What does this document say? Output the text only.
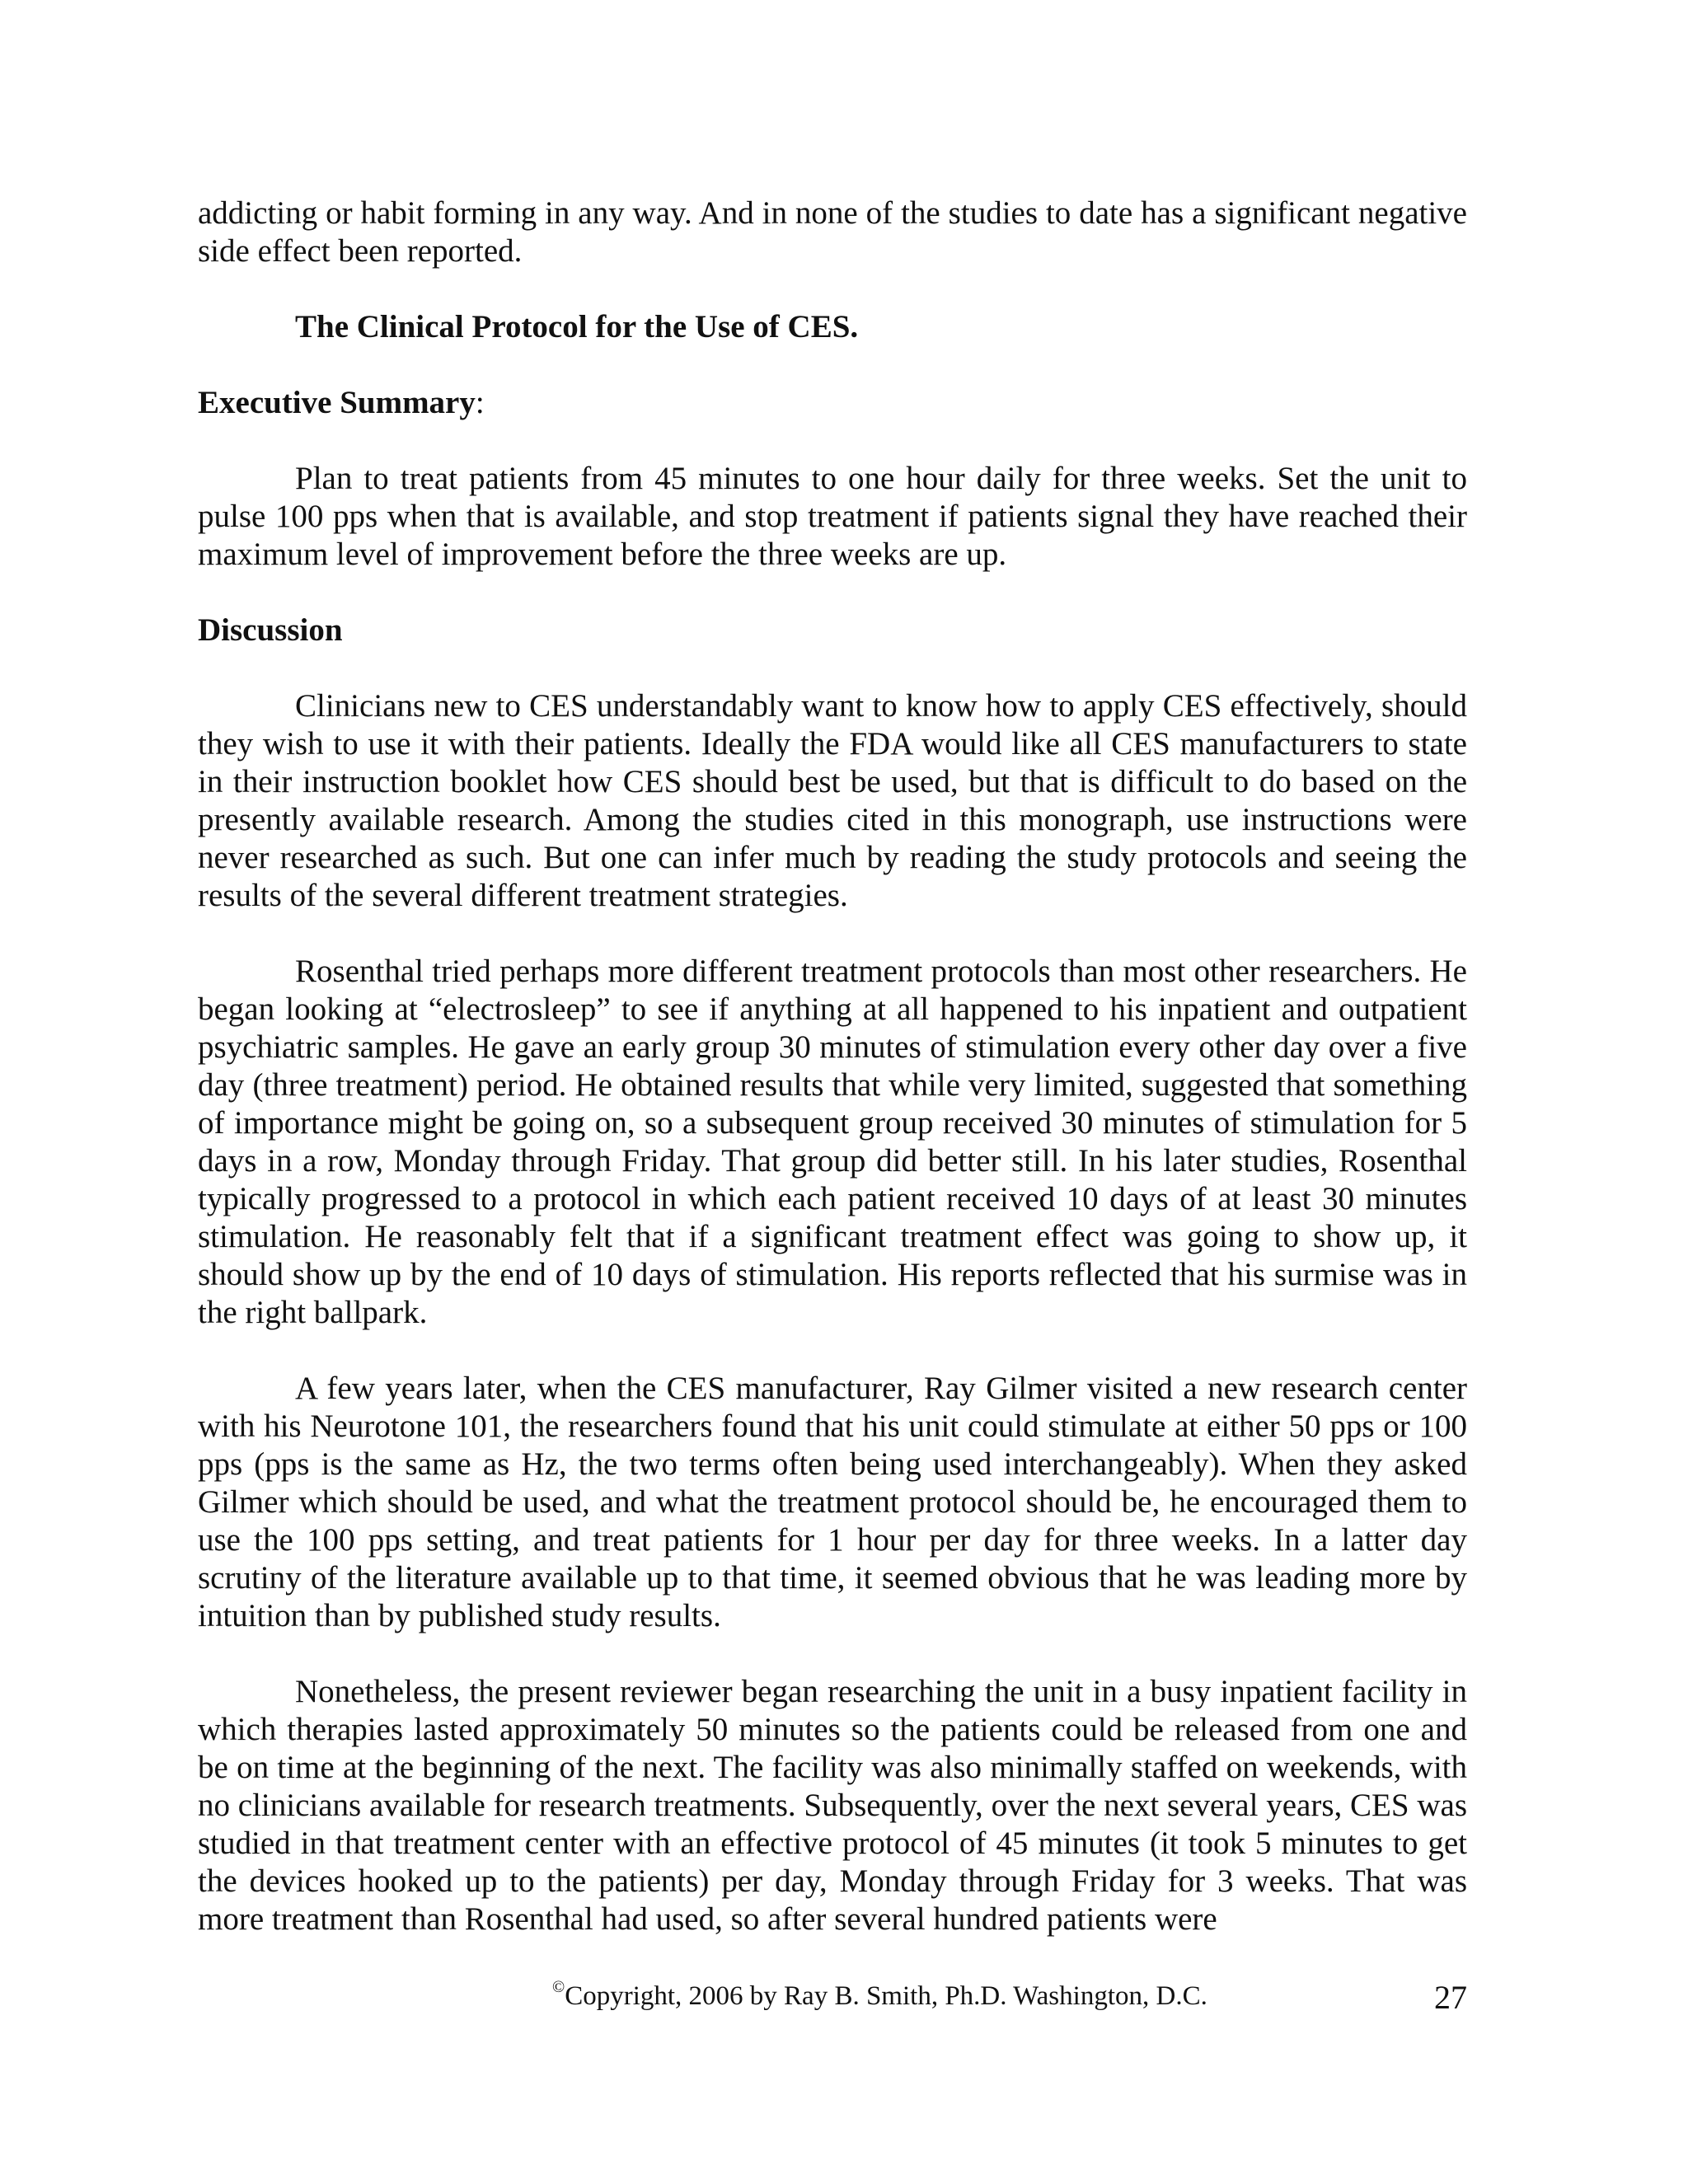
addicting or habit forming in any way. And in none of the studies to date has a significant negative side effect been reported.

The Clinical Protocol for the Use of CES.

Executive Summary:

Plan to treat patients from 45 minutes to one hour daily for three weeks. Set the unit to pulse 100 pps when that is available, and stop treatment if patients signal they have reached their maximum level of improvement before the three weeks are up.

Discussion

Clinicians new to CES understandably want to know how to apply CES effectively, should they wish to use it with their patients. Ideally the FDA would like all CES manufacturers to state in their instruction booklet how CES should best be used, but that is difficult to do based on the presently available research. Among the studies cited in this monograph, use instructions were never researched as such. But one can infer much by reading the study protocols and seeing the results of the several different treatment strategies.

Rosenthal tried perhaps more different treatment protocols than most other researchers. He began looking at “electrosleep” to see if anything at all happened to his inpatient and outpatient psychiatric samples. He gave an early group 30 minutes of stimulation every other day over a five day (three treatment) period. He obtained results that while very limited, suggested that something of importance might be going on, so a subsequent group received 30 minutes of stimulation for 5 days in a row, Monday through Friday. That group did better still. In his later studies, Rosenthal typically progressed to a protocol in which each patient received 10 days of at least 30 minutes stimulation. He reasonably felt that if a significant treatment effect was going to show up, it should show up by the end of 10 days of stimulation. His reports reflected that his surmise was in the right ballpark.

A few years later, when the CES manufacturer, Ray Gilmer visited a new research center with his Neurotone 101, the researchers found that his unit could stimulate at either 50 pps or 100 pps (pps is the same as Hz, the two terms often being used interchangeably). When they asked Gilmer which should be used, and what the treatment protocol should be, he encouraged them to use the 100 pps setting, and treat patients for 1 hour per day for three weeks. In a latter day scrutiny of the literature available up to that time, it seemed obvious that he was leading more by intuition than by published study results.

Nonetheless, the present reviewer began researching the unit in a busy inpatient facility in which therapies lasted approximately 50 minutes so the patients could be released from one and be on time at the beginning of the next. The facility was also minimally staffed on weekends, with no clinicians available for research treatments. Subsequently, over the next several years, CES was studied in that treatment center with an effective protocol of 45 minutes (it took 5 minutes to get the devices hooked up to the patients) per day, Monday through Friday for 3 weeks. That was more treatment than Rosenthal had used, so after several hundred patients were

©Copyright, 2006 by Ray B. Smith, Ph.D. Washington, D.C.	27
